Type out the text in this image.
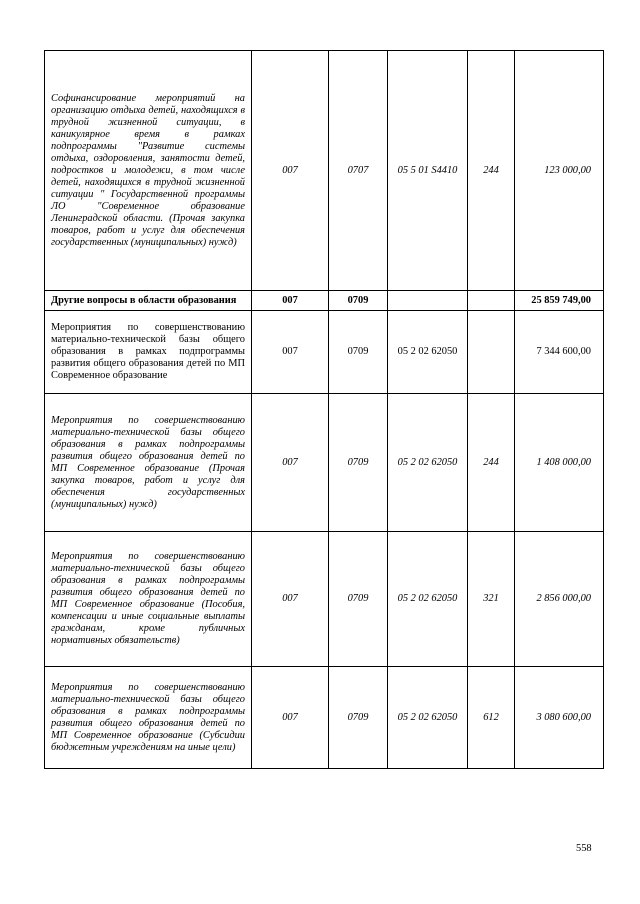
Софинансирование мероприятий на организацию отдыха детей, находящихся в трудной жизненной ситуации, в каникулярное время в рамках подпрограммы "Развитие системы отдыха, оздоровления, занятости детей, подростков и молодежи, в том числе детей, находящихся в трудной жизненной ситуации " Государственной программы ЛО "Современное образование Ленинградской области. (Прочая закупка товаров, работ и услуг для обеспечения государственных (муниципальных) нужд)	007	0707	05 5 01 S4410	244	123 000,00
Другие вопросы в области образования	007	0709			25 859 749,00
Мероприятия по совершенствованию материально-технической базы общего образования в рамках подпрограммы развития общего образования детей по МП Современное образование	007	0709	05 2 02 62050		7 344 600,00
Мероприятия по совершенствованию материально-технической базы общего образования в рамках подпрограммы развития общего образования детей по МП Современное образование (Прочая закупка товаров, работ и услуг для обеспечения государственных (муниципальных) нужд)	007	0709	05 2 02 62050	244	1 408 000,00
Мероприятия по совершенствованию материально-технической базы общего образования в рамках подпрограммы развития общего образования детей по МП Современное образование (Пособия, компенсации и иные социальные выплаты гражданам, кроме публичных нормативных обязательств)	007	0709	05 2 02 62050	321	2 856 000,00
Мероприятия по совершенствованию материально-технической базы общего образования в рамках подпрограммы развития общего образования детей по МП Современное образование (Субсидии бюджетным учреждениям на иные цели)	007	0709	05 2 02 62050	612	3 080 600,00
558
